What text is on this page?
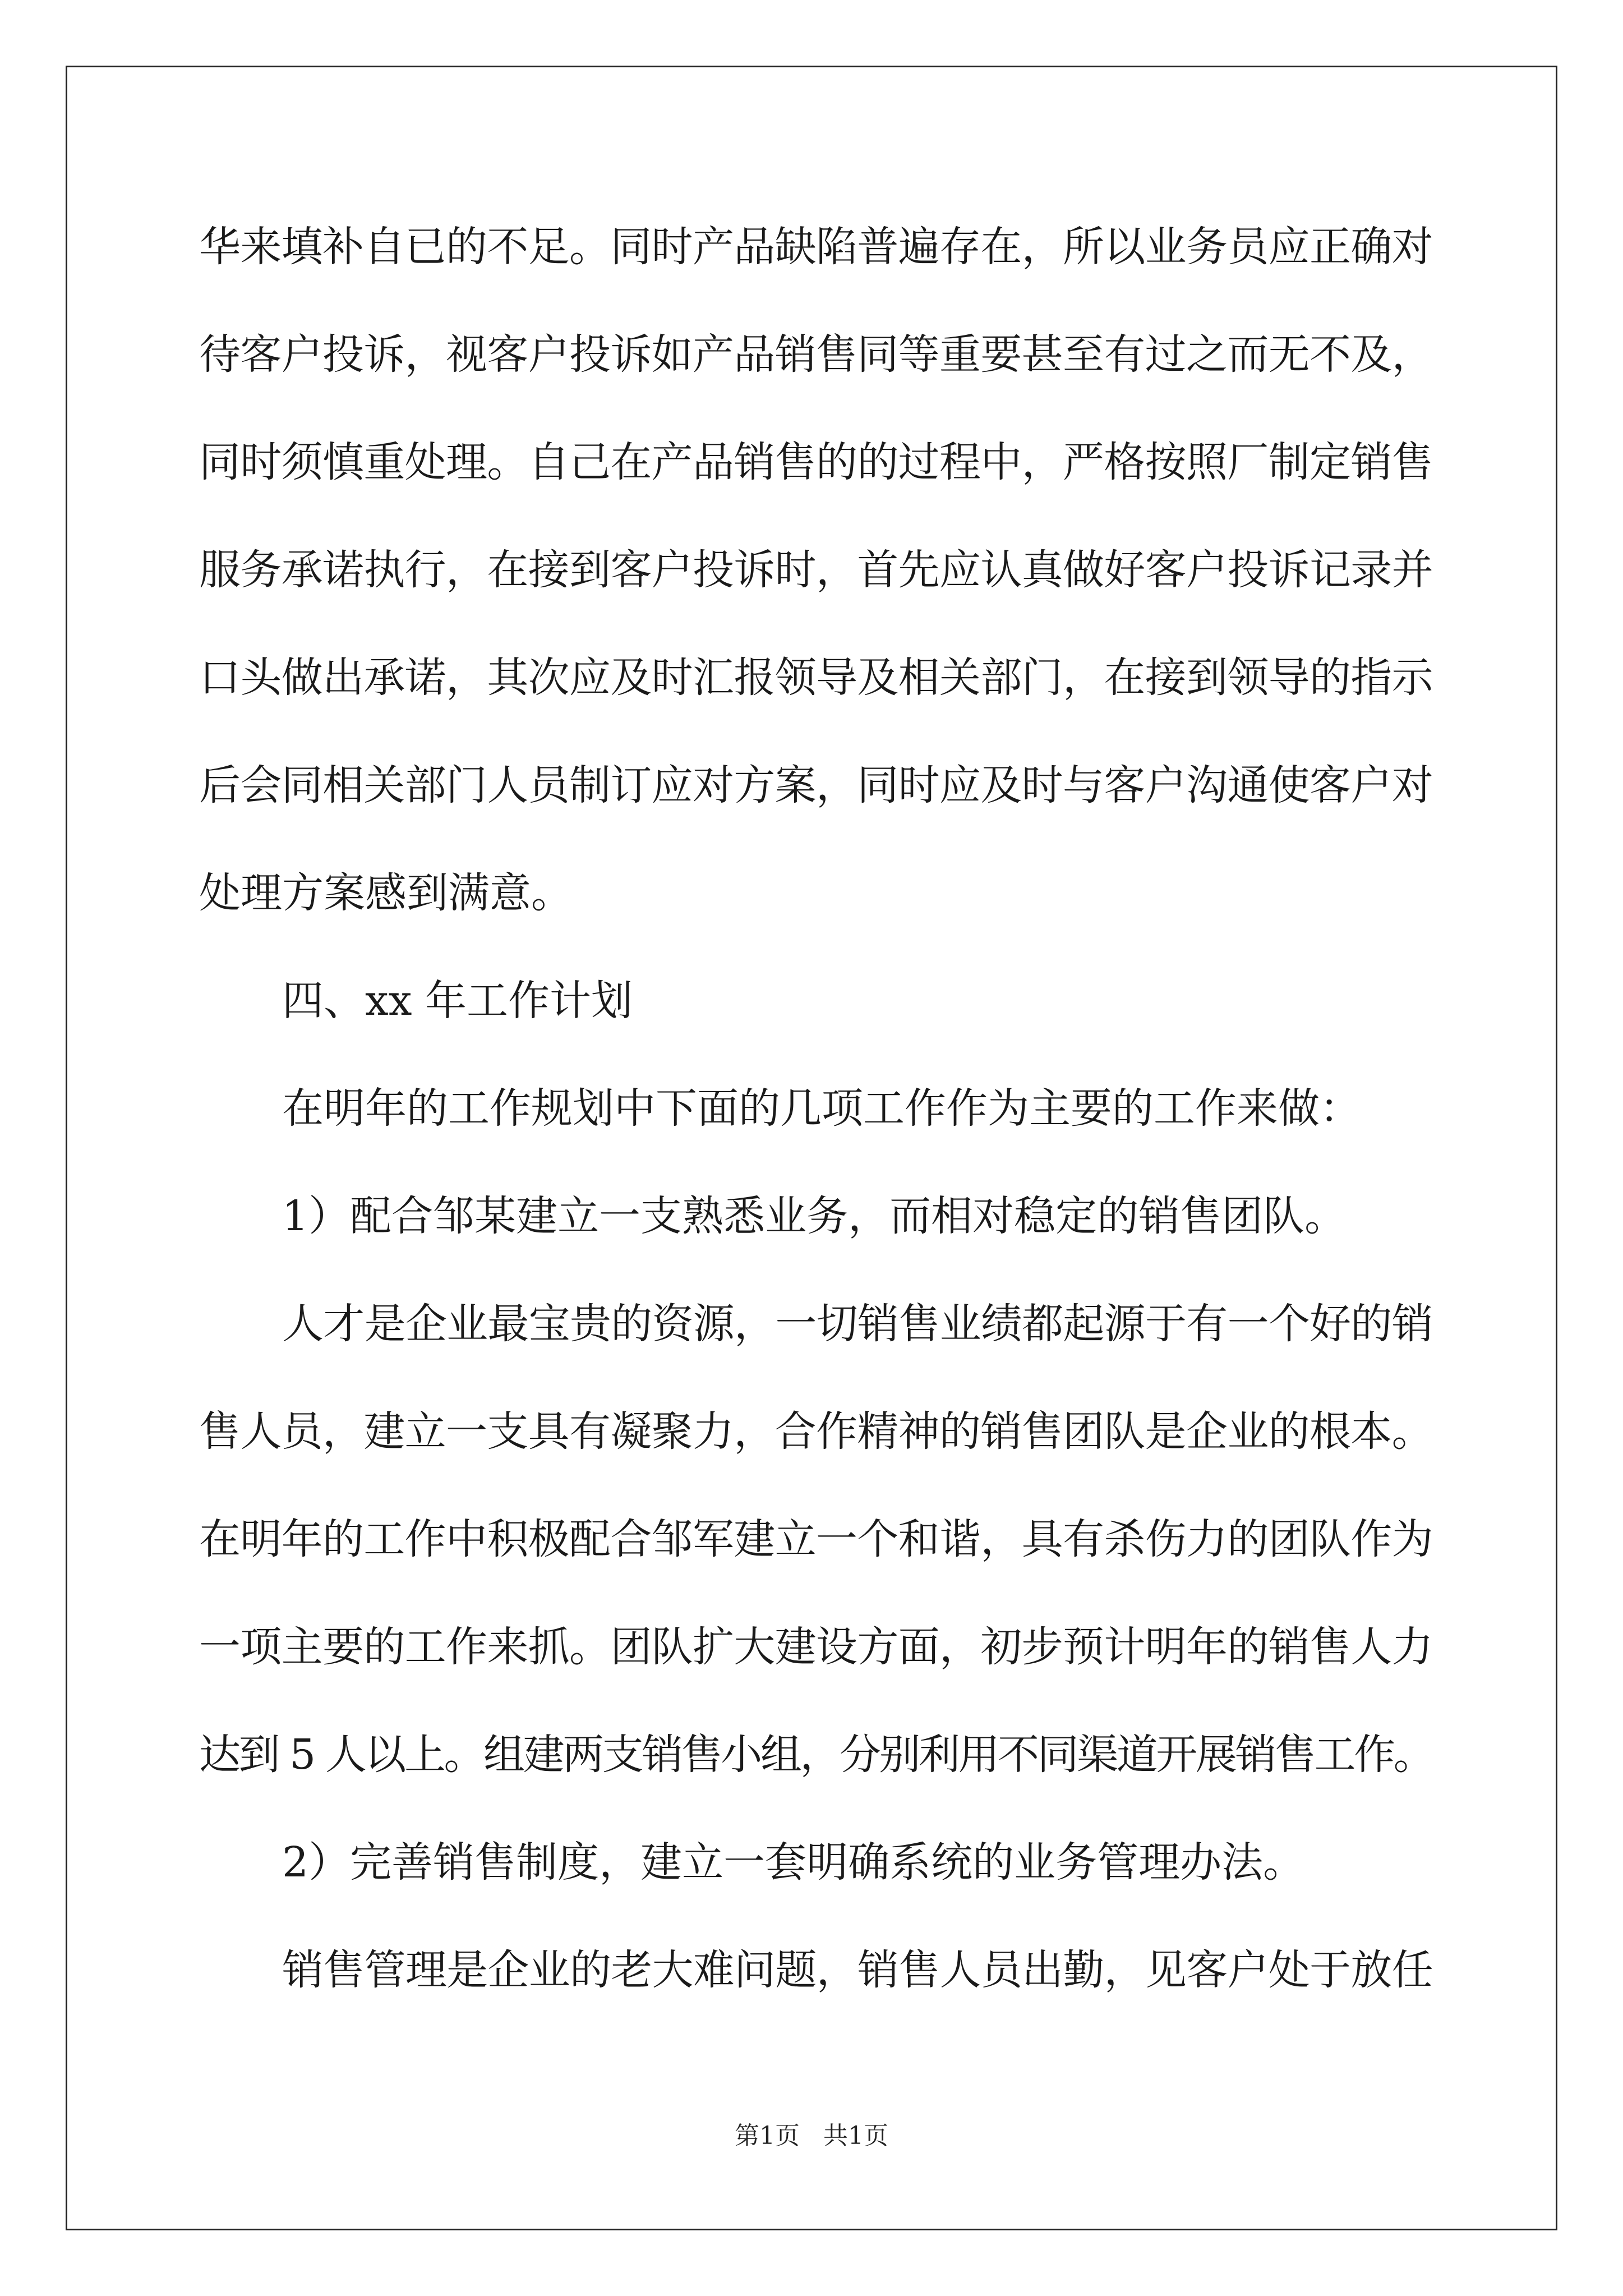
华来填补自已的不足。同时产品缺陷普遍存在，所以业务员应正确对
待客户投诉，视客户投诉如产品销售同等重要甚至有过之而无不及，
同时须慎重处理。自己在产品销售的的过程中，严格按照厂制定销售
服务承诺执行，在接到客户投诉时，首先应认真做好客户投诉记录并
口头做出承诺，其次应及时汇报领导及相关部门，在接到领导的指示
后会同相关部门人员制订应对方案，同时应及时与客户沟通使客户对
处理方案感到满意。
四、xx 年工作计划
在明年的工作规划中下面的几项工作作为主要的工作来做：
1）配合邹某建立一支熟悉业务，而相对稳定的销售团队。
人才是企业最宝贵的资源，一切销售业绩都起源于有一个好的销
售人员，建立一支具有凝聚力，合作精神的销售团队是企业的根本。
在明年的工作中积极配合邹军建立一个和谐，具有杀伤力的团队作为
一项主要的工作来抓。团队扩大建设方面，初步预计明年的销售人力
达到 5 人以上。组建两支销售小组，分别利用不同渠道开展销售工作。
2）完善销售制度，建立一套明确系统的业务管理办法。
销售管理是企业的老大难问题，销售人员出勤，见客户处于放任
第1页 共1页
